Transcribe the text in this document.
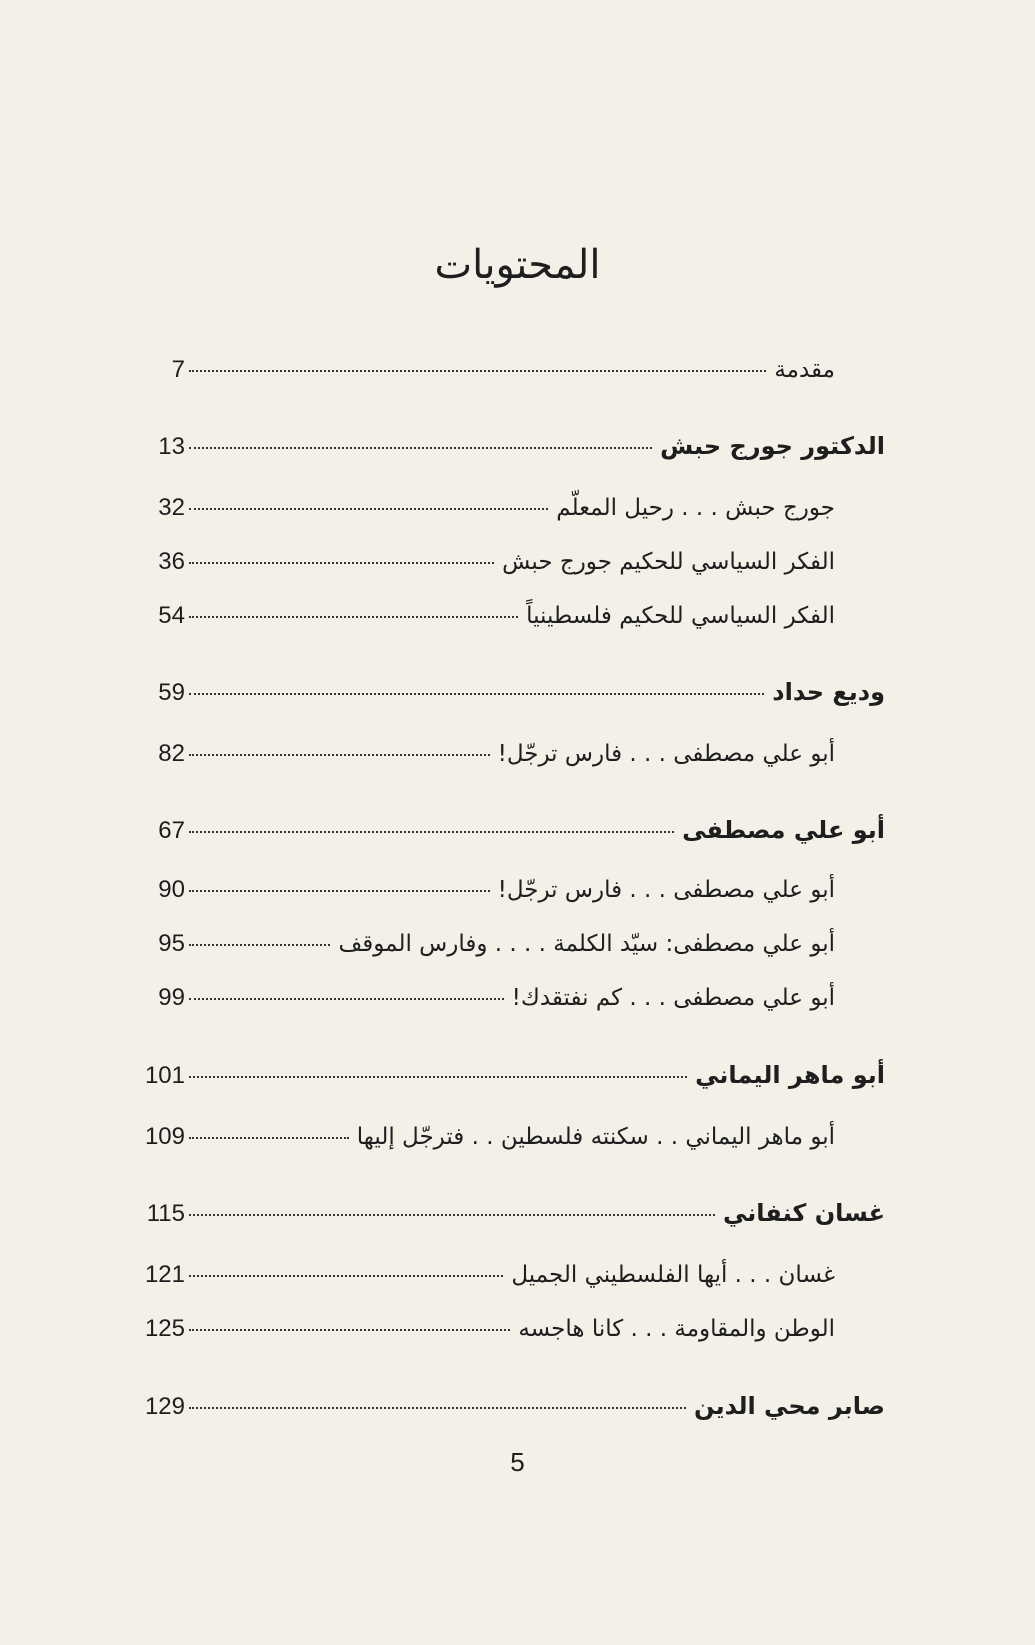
المحتويات
مقدمة
7
الدكتور جورج حبش
13
جورج حبش . . . رحيل المعلّم
32
الفكر السياسي للحكيم جورج حبش
36
الفكر السياسي للحكيم فلسطينياً
54
وديع حداد
59
أبو علي مصطفى . . . فارس ترجّل!
82
أبو علي مصطفى
67
أبو علي مصطفى . . . فارس ترجّل!
90
أبو علي مصطفى: سيّد الكلمة . . . . وفارس الموقف
95
أبو علي مصطفى . . . كم نفتقدك!
99
أبو ماهر اليماني
101
أبو ماهر اليماني . . سكنته فلسطين . . فترجّل إليها
109
غسان كنفاني
115
غسان . . . أيها الفلسطيني الجميل
121
الوطن والمقاومة . . . كانا هاجسه
125
صابر محي الدين
129
5
